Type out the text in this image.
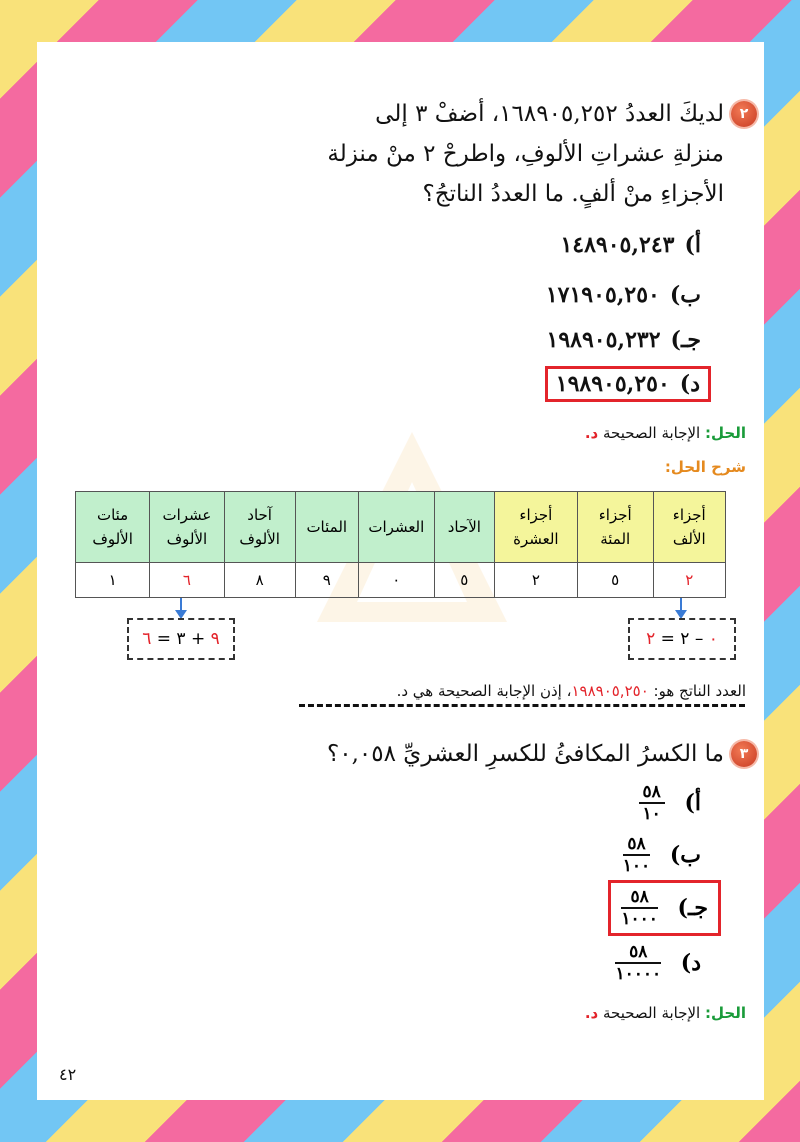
٢
لديكَ العددُ ١٦٨٩٠٥,٢٥٢، أضفْ ٣ إلى
منزلةِ عشراتِ الألوفِ، واطرحْ ٢ منْ منزلة
الأجزاءِ منْ ألفٍ. ما العددُ الناتجُ؟
أ)١٤٨٩٠٥,٢٤٣
ب)١٧١٩٠٥,٢٥٠
جـ)١٩٨٩٠٥,٢٣٢
د)١٩٨٩٠٥,٢٥٠
الحل: الإجابة الصحيحة د.
شرح الحل:
أجزاء الألف	أجزاء المئة	أجزاء العشرة	الآحاد	العشرات	المئات	آحاد الألوف	عشرات الألوف	مئات الألوف
٢	٥	٢	٥	٠	٩	٨	٦	١
٩ + ٣ = ٦	٠ – ٢ = ٢
العدد الناتج هو: ١٩٨٩٠٥,٢٥٠، إذن الإجابة الصحيحة هي د.
٣
ما الكسرُ المكافئُ للكسرِ العشريِّ ٠,٠٥٨؟
أ)
$\frac{٥٨}{١٠}$
ب)
$\frac{٥٨}{١٠٠}$
جـ)
$\frac{٥٨}{١٠٠٠}$
د)
$\frac{٥٨}{١٠٠٠٠}$
الحل: الإجابة الصحيحة د.
٤٢
